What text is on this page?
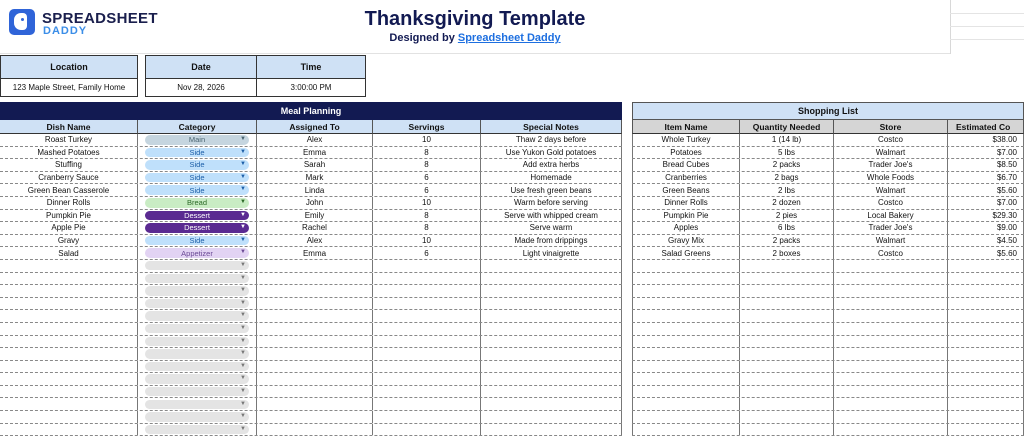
SPREADSHEET
DADDY
Thanksgiving Template
Designed by Spreadsheet Daddy
Location
123 Maple Street, Family Home
Date
Nov 28, 2026
Time
3:00:00 PM
Meal Planning
Dish Name	Category	Assigned To	Servings	Special Notes
Roast Turkey	Main	▼	Alex	10	Thaw 2 days before
Mashed Potatoes	Side	▼	Emma	8	Use Yukon Gold potatoes
Stuffing	Side	▼	Sarah	8	Add extra herbs
Cranberry Sauce	Side	▼	Mark	6	Homemade
Green Bean Casserole	Side	▼	Linda	6	Use fresh green beans
Dinner Rolls	Bread	▼	John	10	Warm before serving
Pumpkin Pie	Dessert	▼	Emily	8	Serve with whipped cream
Apple Pie	Dessert	▼	Rachel	8	Serve warm
Gravy	Side	▼	Alex	10	Made from drippings
Salad	Appetizer	▼	Emma	6	Light vinaigrette
▼
▼
▼
▼
▼
▼
▼
▼
▼
▼
▼
▼
▼
▼
Shopping List
Item Name	Quantity Needed	Store	Estimated Co
Whole Turkey	1 (14 lb)	Costco	$38.00
Potatoes	5 lbs	Walmart	$7.00
Bread Cubes	2 packs	Trader Joe's	$8.50
Cranberries	2 bags	Whole Foods	$6.70
Green Beans	2 lbs	Walmart	$5.60
Dinner Rolls	2 dozen	Costco	$7.00
Pumpkin Pie	2 pies	Local Bakery	$29.30
Apples	6 lbs	Trader Joe's	$9.00
Gravy Mix	2 packs	Walmart	$4.50
Salad Greens	2 boxes	Costco	$5.60
